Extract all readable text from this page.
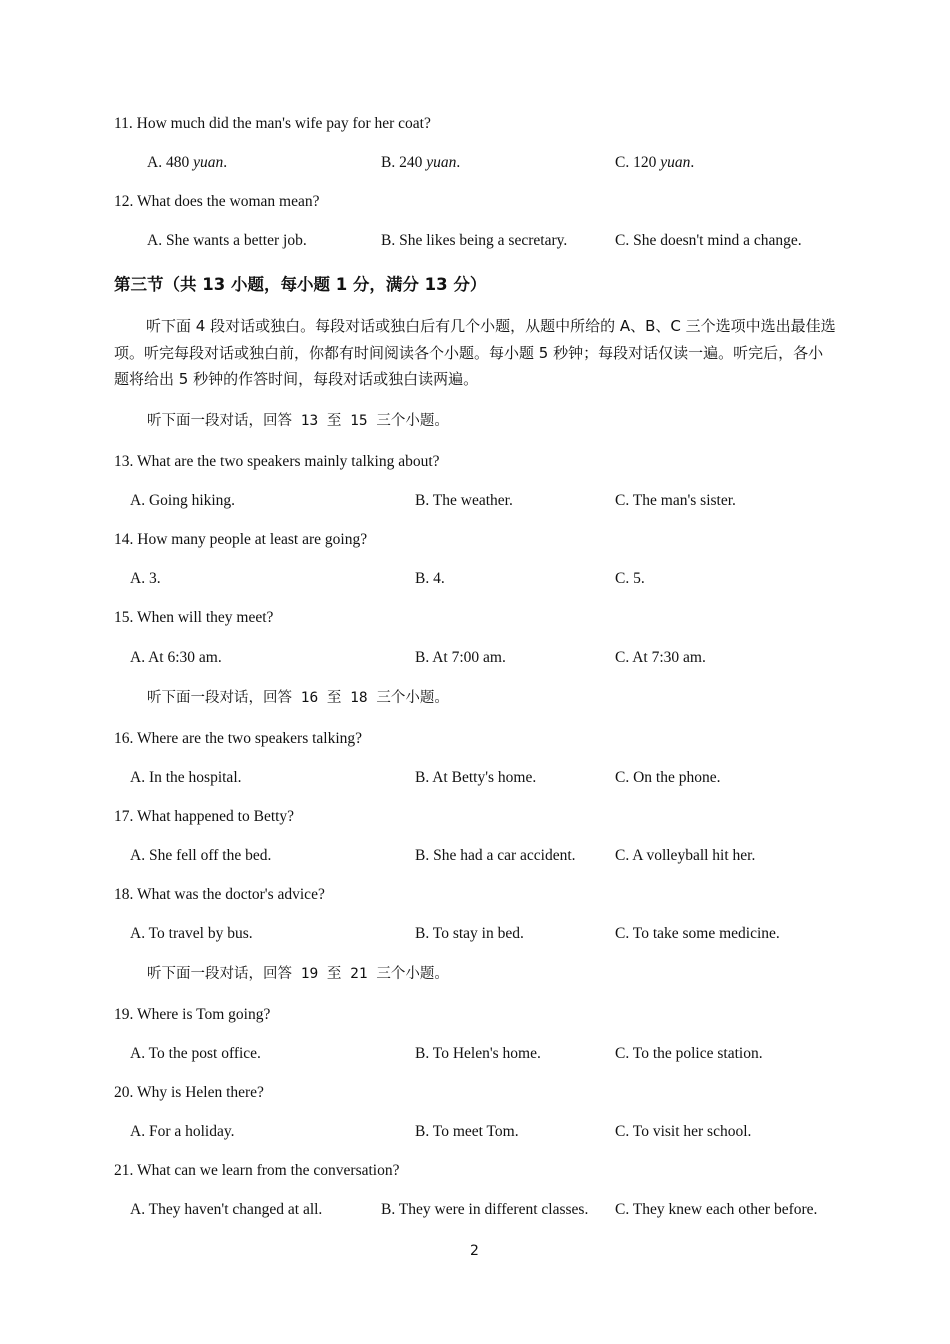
11. How much did the man's wife pay for her coat?
A. 480 yuan.	B. 240 yuan.	C. 120 yuan.
12. What does the woman mean?
A. She wants a better job.	B. She likes being a secretary.	C. She doesn't mind a change.
第三节（共 13 小题，每小题 1 分，满分 13 分）
听下面 4 段对话或独白。每段对话或独白后有几个小题，从题中所给的 A、B、C 三个选项中选出最佳选项。听完每段对话或独白前，你都有时间阅读各个小题。每小题 5 秒钟；每段对话仅读一遍。听完后，各小题将给出 5 秒钟的作答时间，每段对话或独白读两遍。
听下面一段对话，回答 13 至 15 三个小题。
13. What are the two speakers mainly talking about?
A. Going hiking.	B. The weather.	C. The man's sister.
14. How many people at least are going?
A. 3.	B. 4.	C. 5.
15. When will they meet?
A. At 6:30 am.	B. At 7:00 am.	C. At 7:30 am.
听下面一段对话，回答 16 至 18 三个小题。
16. Where are the two speakers talking?
A. In the hospital.	B. At Betty's home.	C. On the phone.
17. What happened to Betty?
A. She fell off the bed.	B. She had a car accident.	C. A volleyball hit her.
18. What was the doctor's advice?
A. To travel by bus.	B. To stay in bed.	C. To take some medicine.
听下面一段对话，回答 19 至 21 三个小题。
19. Where is Tom going?
A. To the post office.	B. To Helen's home.	C. To the police station.
20. Why is Helen there?
A. For a holiday.	B. To meet Tom.	C. To visit her school.
21. What can we learn from the conversation?
A. They haven't changed at all.	B. They were in different classes. C. They knew each other before.
2
